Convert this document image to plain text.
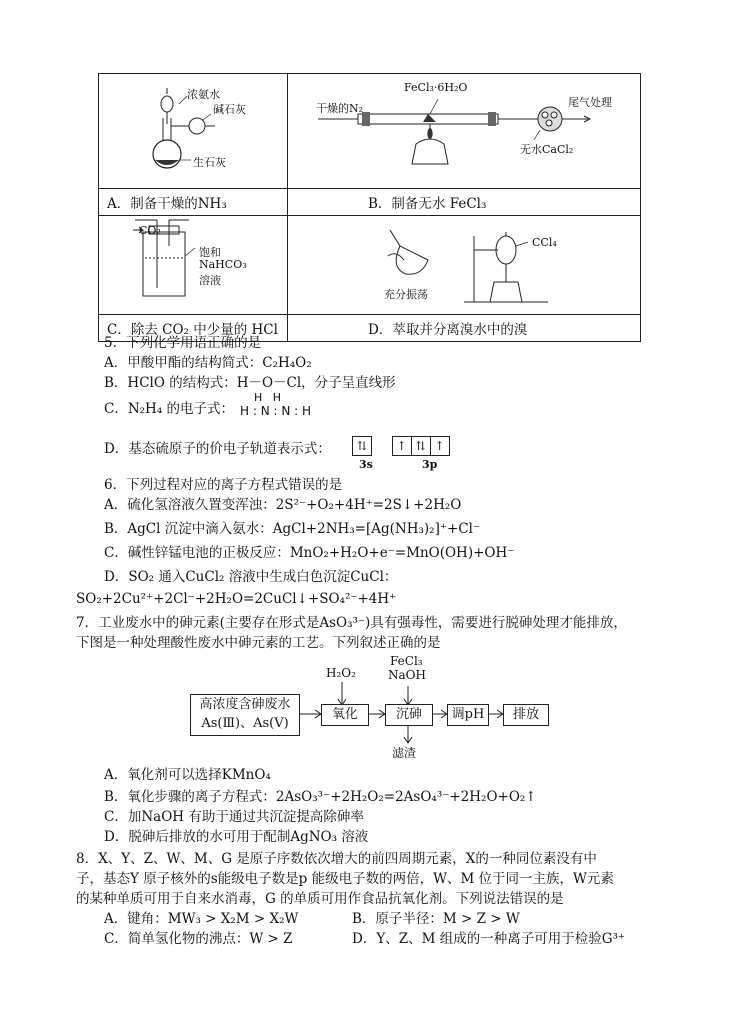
浓氨水
碱石灰
生石灰	FeCl₃·6H₂O
干燥的N₂ 尾气处理
无水CaCl₂

A．制备干燥的NH₃	B．制备无水 FeCl₃

CO₂
饱和
NaHCO₃
溶液	CCl₄
充分振荡

C．除去 CO₂ 中少量的 HCl	D．萃取并分离溴水中的溴
5．下列化学用语正确的是
A．甲酸甲酯的结构简式：C₂H₄O₂
B．HClO 的结构式：H－O－Cl，分子呈直线形
C．N₂H₄ 的电子式：
H   H
H : N : N : H
D．基态硫原子的价电子轨道表示式：	⇅ ↑ ⇅ ↑
3s	3p
6．下列过程对应的离子方程式错误的是
A．硫化氢溶液久置变浑浊：2S²⁻+O₂+4H⁺=2S↓+2H₂O
B．AgCl 沉淀中滴入氨水：AgCl+2NH₃=[Ag(NH₃)₂]⁺+Cl⁻
C．碱性锌锰电池的正极反应：MnO₂+H₂O+e⁻=MnO(OH)+OH⁻
D．SO₂ 通入CuCl₂ 溶液中生成白色沉淀CuCl：
SO₂+2Cu²⁺+2Cl⁻+2H₂O=2CuCl↓+SO₄²⁻+4H⁺
7．工业废水中的砷元素(主要存在形式是AsO₃³⁻)具有强毒性，需要进行脱砷处理才能排放，
下图是一种处理酸性废水中砷元素的工艺。下列叙述正确的是
高浓度含砷废水
As(Ⅲ)、As(Ⅴ)
氧化	沉砷	调pH	排放
H₂O₂
FeCl₃
NaOH
滤渣
A．氧化剂可以选择KMnO₄
B．氧化步骤的离子方程式：2AsO₃³⁻+2H₂O₂=2AsO₄³⁻+2H₂O+O₂↑
C．加NaOH 有助于通过共沉淀提高除砷率
D．脱砷后排放的水可用于配制AgNO₃ 溶液
8．X、Y、Z、W、M、G 是原子序数依次增大的前四周期元素，X的一种同位素没有中
子，基态Y 原子核外的s能级电子数是p 能级电子数的两倍，W、M 位于同一主族，W元素
的某种单质可用于自来水消毒，G 的单质可用作食品抗氧化剂。下列说法错误的是
A．键角：MW₃ > X₂M > X₂W	B．原子半径：M > Z > W
C．简单氢化物的沸点：W > Z	D．Y、Z、M 组成的一种离子可用于检验G³⁺
